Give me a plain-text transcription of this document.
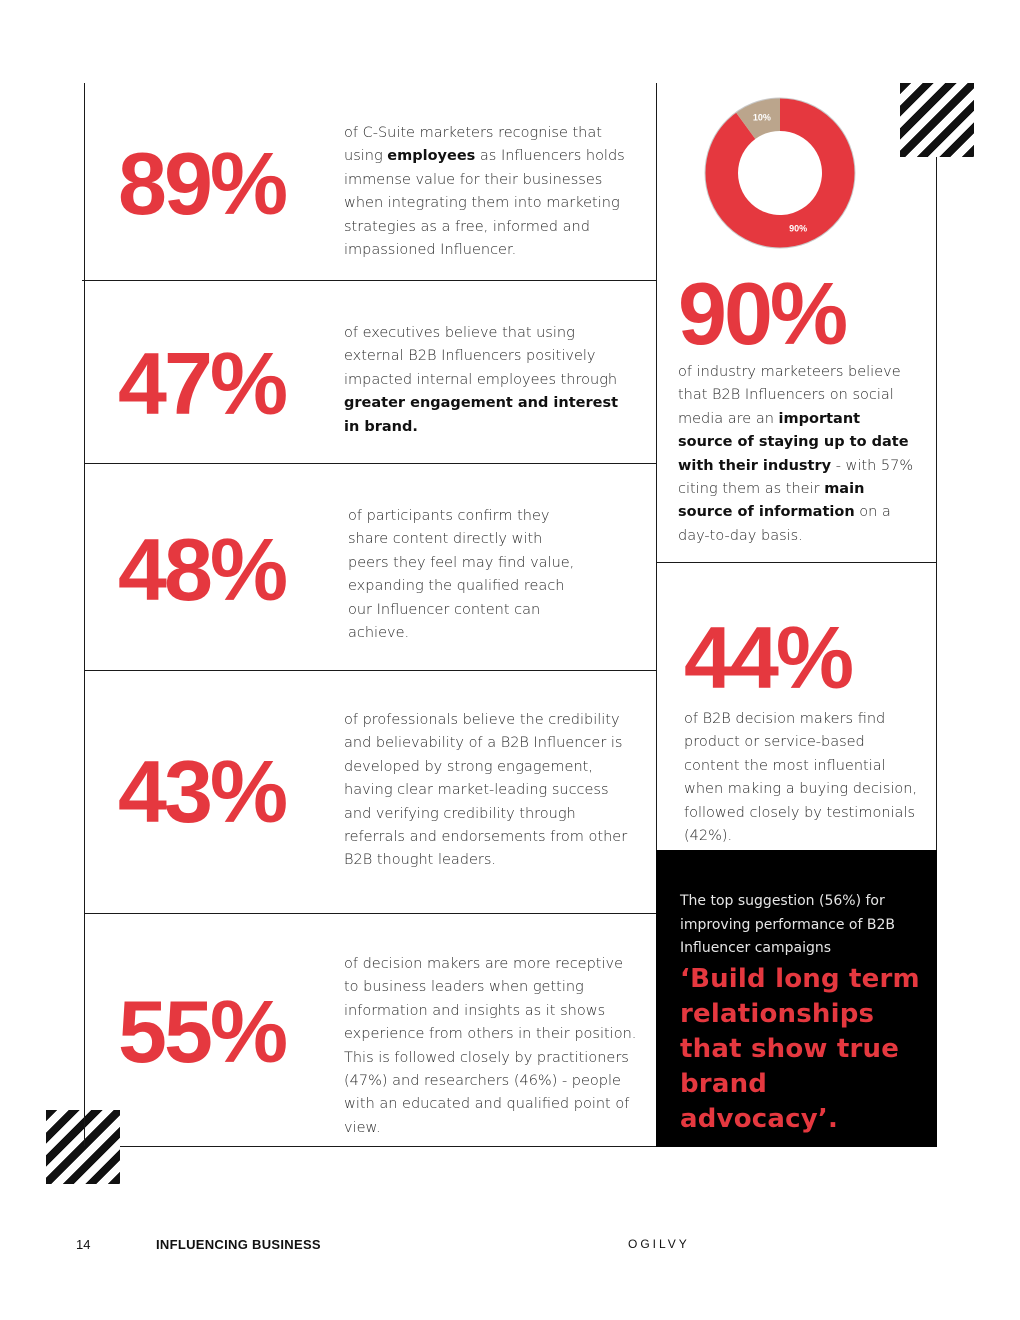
89%
of C-Suite marketers recognise that using employees as Influencers holds immense value for their businesses when integrating them into marketing strategies as a free, informed and impassioned Influencer.
47%
of executives believe that using external B2B Influencers positively impacted internal employees through greater engagement and interest in brand.
48%
of participants confirm they share content directly with peers they feel may find value, expanding the qualified reach our Influencer content can achieve.
43%
of professionals believe the credibility and believability of a B2B Influencer is developed by strong engagement, having clear market-leading success and verifying credibility through referrals and endorsements from other B2B thought leaders.
55%
of decision makers are more receptive to business leaders when getting information and insights as it shows experience from others in their position. This is followed closely by practitioners (47%) and researchers (46%) - people with an educated and qualified point of view.
90%
10%
90%
of industry marketeers believe that B2B Influencers on social media are an important source of staying up to date with their industry - with 57% citing them as their main source of information on a day-to-day basis.
44%
of B2B decision makers find product or service-based content the most influential when making a buying decision, followed closely by testimonials (42%).
The top suggestion (56%) for improving performance of B2B Influencer campaigns
‘Build long term relationships that show true brand advocacy’.
14	INFLUENCING BUSINESS	OGILVY
